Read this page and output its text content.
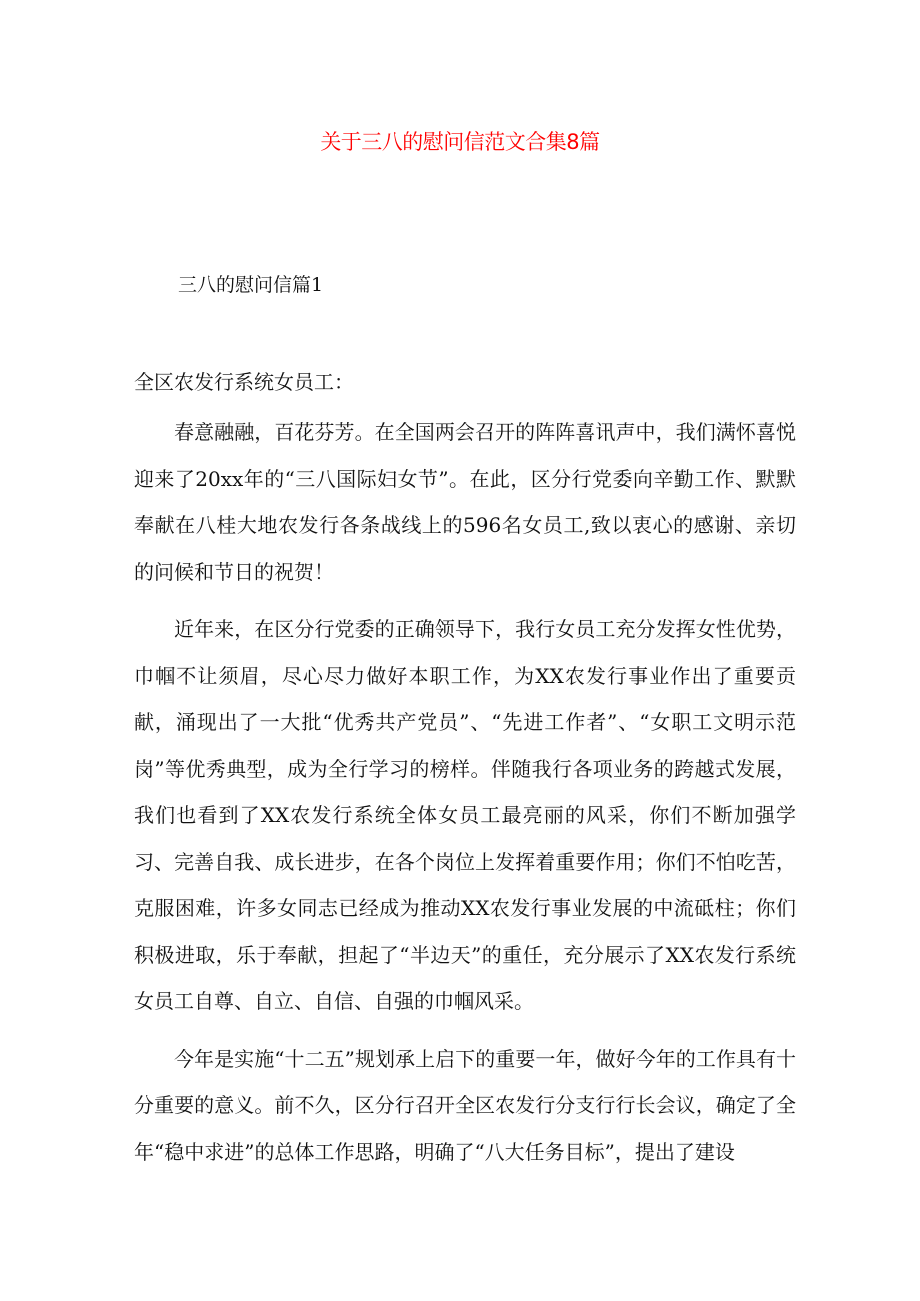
关于三八的慰问信范文合集8篇
三八的慰问信篇1

全区农发行系统女员工：

春意融融，百花芬芳。在全国两会召开的阵阵喜讯声中，我们满怀喜悦迎来了20xx年的“三八国际妇女节”。在此，区分行党委向辛勤工作、默默奉献在八桂大地农发行各条战线上的596名女员工,致以衷心的感谢、亲切的问候和节日的祝贺！

近年来，在区分行党委的正确领导下，我行女员工充分发挥女性优势，巾帼不让须眉，尽心尽力做好本职工作，为XX农发行事业作出了重要贡献，涌现出了一大批“优秀共产党员”、“先进工作者”、“女职工文明示范岗”等优秀典型，成为全行学习的榜样。伴随我行各项业务的跨越式发展，我们也看到了XX农发行系统全体女员工最亮丽的风采，你们不断加强学习、完善自我、成长进步，在各个岗位上发挥着重要作用；你们不怕吃苦，克服困难，许多女同志已经成为推动XX农发行事业发展的中流砥柱；你们积极进取，乐于奉献，担起了“半边天”的重任，充分展示了XX农发行系统女员工自尊、自立、自信、自强的巾帼风采。

今年是实施“十二五”规划承上启下的重要一年，做好今年的工作具有十分重要的意义。前不久，区分行召开全区农发行分支行行长会议，确定了全年“稳中求进”的总体工作思路，明确了“八大任务目标”，提出了建设
